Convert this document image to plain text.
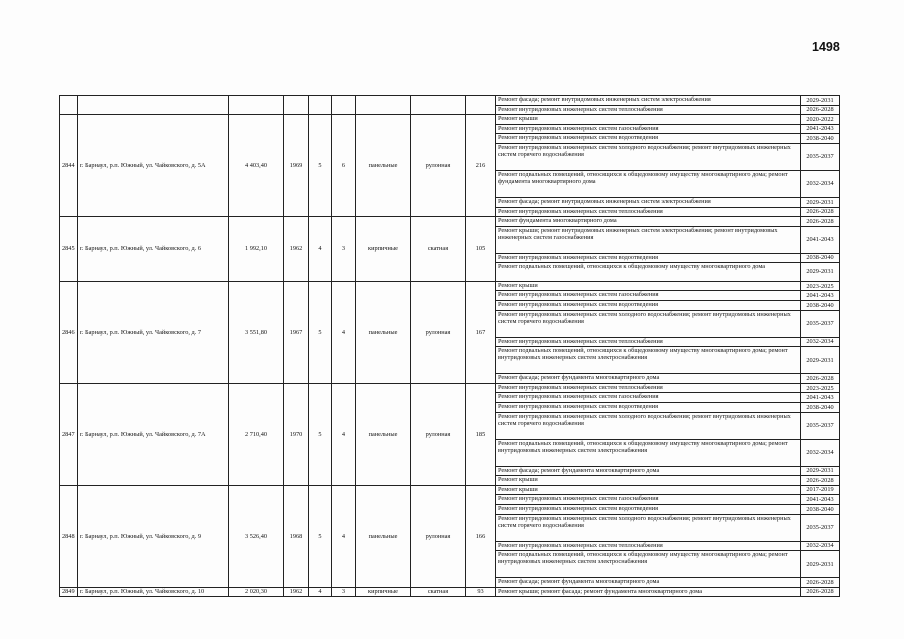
1498
									Ремонт фасада; ремонт внутридомовых инженерных систем электроснабжения	2029-2031
									Ремонт внутридомовых инженерных систем теплоснабжения	2026-2028
2844	г. Барнаул, р.п. Южный, ул. Чайковского, д. 5А	4 403,40	1969	5	6	панельные	рулонная	216	Ремонт крыши	2020-2022
									Ремонт внутридомовых инженерных систем газоснабжения	2041-2043
									Ремонт внутридомовых инженерных систем водоотведения	2038-2040
									Ремонт внутридомовых инженерных систем холодного водоснабжения; ремонт внутридомовых инженерных систем горячего водоснабжения	2035-2037
									Ремонт подвальных помещений, относящихся к общедомовому имуществу многоквартирного дома; ремонт фундамента многоквартирного дома	2032-2034
									Ремонт фасада; ремонт внутридомовых инженерных систем электроснабжения	2029-2031
									Ремонт внутридомовых инженерных систем теплоснабжения	2026-2028
2845	г. Барнаул, р.п. Южный, ул. Чайковского, д. 6	1 992,10	1962	4	3	кирпичные	скатная	105	Ремонт фундамента многоквартирного дома	2026-2028
									Ремонт крыши; ремонт внутридомовых инженерных систем электроснабжения; ремонт внутридомовых инженерных систем газоснабжения	2041-2043
									Ремонт внутридомовых инженерных систем водоотведения	2038-2040
									Ремонт подвальных помещений, относящихся к общедомовому имуществу многоквартирного дома	2029-2031
2846	г. Барнаул, р.п. Южный, ул. Чайковского, д. 7	3 551,80	1967	5	4	панельные	рулонная	167	Ремонт крыши	2023-2025
									Ремонт внутридомовых инженерных систем газоснабжения	2041-2043
									Ремонт внутридомовых инженерных систем водоотведения	2038-2040
									Ремонт внутридомовых инженерных систем холодного водоснабжения; ремонт внутридомовых инженерных систем горячего водоснабжения	2035-2037
									Ремонт внутридомовых инженерных систем теплоснабжения	2032-2034
									Ремонт подвальных помещений, относящихся к общедомовому имуществу многоквартирного дома; ремонт внутридомовых инженерных систем электроснабжения	2029-2031
									Ремонт фасада; ремонт фундамента многоквартирного дома	2026-2028
2847	г. Барнаул, р.п. Южный, ул. Чайковского, д. 7А	2 710,40	1970	5	4	панельные	рулонная	185	Ремонт внутридомовых инженерных систем теплоснабжения	2023-2025
									Ремонт внутридомовых инженерных систем газоснабжения	2041-2043
									Ремонт внутридомовых инженерных систем водоотведения	2038-2040
									Ремонт внутридомовых инженерных систем холодного водоснабжения; ремонт внутридомовых инженерных систем горячего водоснабжения	2035-2037
									Ремонт подвальных помещений, относящихся к общедомовому имуществу многоквартирного дома; ремонт внутридомовых инженерных систем электроснабжения	2032-2034
									Ремонт фасада; ремонт фундамента многоквартирного дома	2029-2031
									Ремонт крыши	2026-2028
2848	г. Барнаул, р.п. Южный, ул. Чайковского, д. 9	3 526,40	1968	5	4	панельные	рулонная	166	Ремонт крыши	2017-2019
									Ремонт внутридомовых инженерных систем газоснабжения	2041-2043
									Ремонт внутридомовых инженерных систем водоотведения	2038-2040
									Ремонт внутридомовых инженерных систем холодного водоснабжения; ремонт внутридомовых инженерных систем горячего водоснабжения	2035-2037
									Ремонт внутридомовых инженерных систем теплоснабжения	2032-2034
									Ремонт подвальных помещений, относящихся к общедомовому имуществу многоквартирного дома; ремонт внутридомовых инженерных систем электроснабжения	2029-2031
									Ремонт фасада; ремонт фундамента многоквартирного дома	2026-2028
2849	г. Барнаул, р.п. Южный, ул. Чайковского, д. 10	2 020,30	1962	4	3	кирпичные	скатная	93	Ремонт крыши; ремонт фасада; ремонт фундамента многоквартирного дома	2026-2028
